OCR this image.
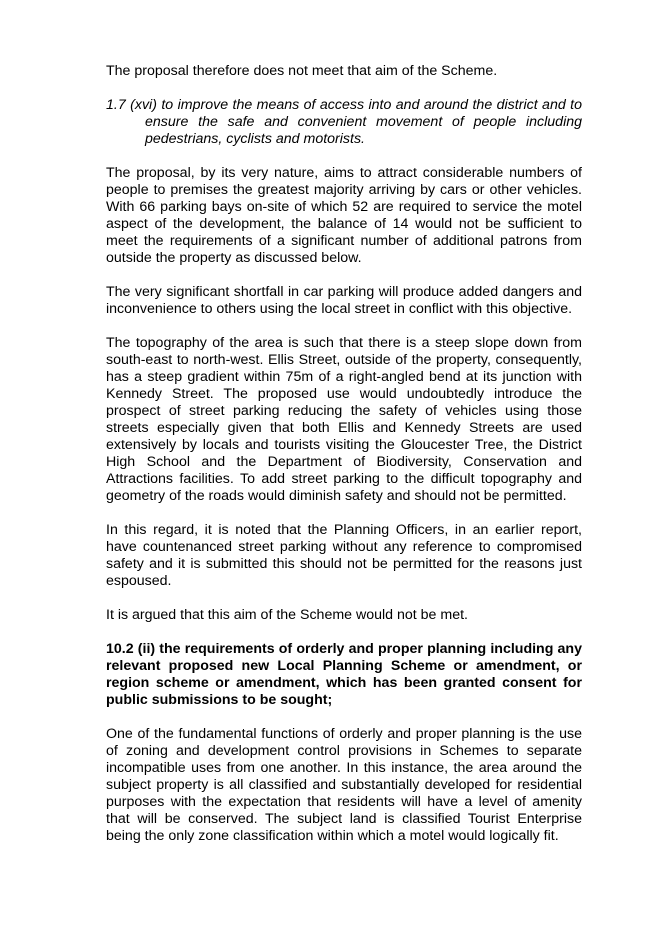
The proposal therefore does not meet that aim of the Scheme.

1.7 (xvi) to improve the means of access into and around the district and to ensure the safe and convenient movement of people including pedestrians, cyclists and motorists.

The proposal, by its very nature, aims to attract considerable numbers of people to premises the greatest majority arriving by cars or other vehicles. With 66 parking bays on-site of which 52 are required to service the motel aspect of the development, the balance of 14 would not be sufficient to meet the requirements of a significant number of additional patrons from outside the property as discussed below.

The very significant shortfall in car parking will produce added dangers and inconvenience to others using the local street in conflict with this objective.

The topography of the area is such that there is a steep slope down from south-east to north-west. Ellis Street, outside of the property, consequently, has a steep gradient within 75m of a right-angled bend at its junction with Kennedy Street. The proposed use would undoubtedly introduce the prospect of street parking reducing the safety of vehicles using those streets especially given that both Ellis and Kennedy Streets are used extensively by locals and tourists visiting the Gloucester Tree, the District High School and the Department of Biodiversity, Conservation and Attractions facilities. To add street parking to the difficult topography and geometry of the roads would diminish safety and should not be permitted.

In this regard, it is noted that the Planning Officers, in an earlier report, have countenanced street parking without any reference to compromised safety and it is submitted this should not be permitted for the reasons just espoused.

It is argued that this aim of the Scheme would not be met.

10.2 (ii) the requirements of orderly and proper planning including any relevant proposed new Local Planning Scheme or amendment, or region scheme or amendment, which has been granted consent for public submissions to be sought;

One of the fundamental functions of orderly and proper planning is the use of zoning and development control provisions in Schemes to separate incompatible uses from one another. In this instance, the area around the subject property is all classified and substantially developed for residential purposes with the expectation that residents will have a level of amenity that will be conserved. The subject land is classified Tourist Enterprise being the only zone classification within which a motel would logically fit.
